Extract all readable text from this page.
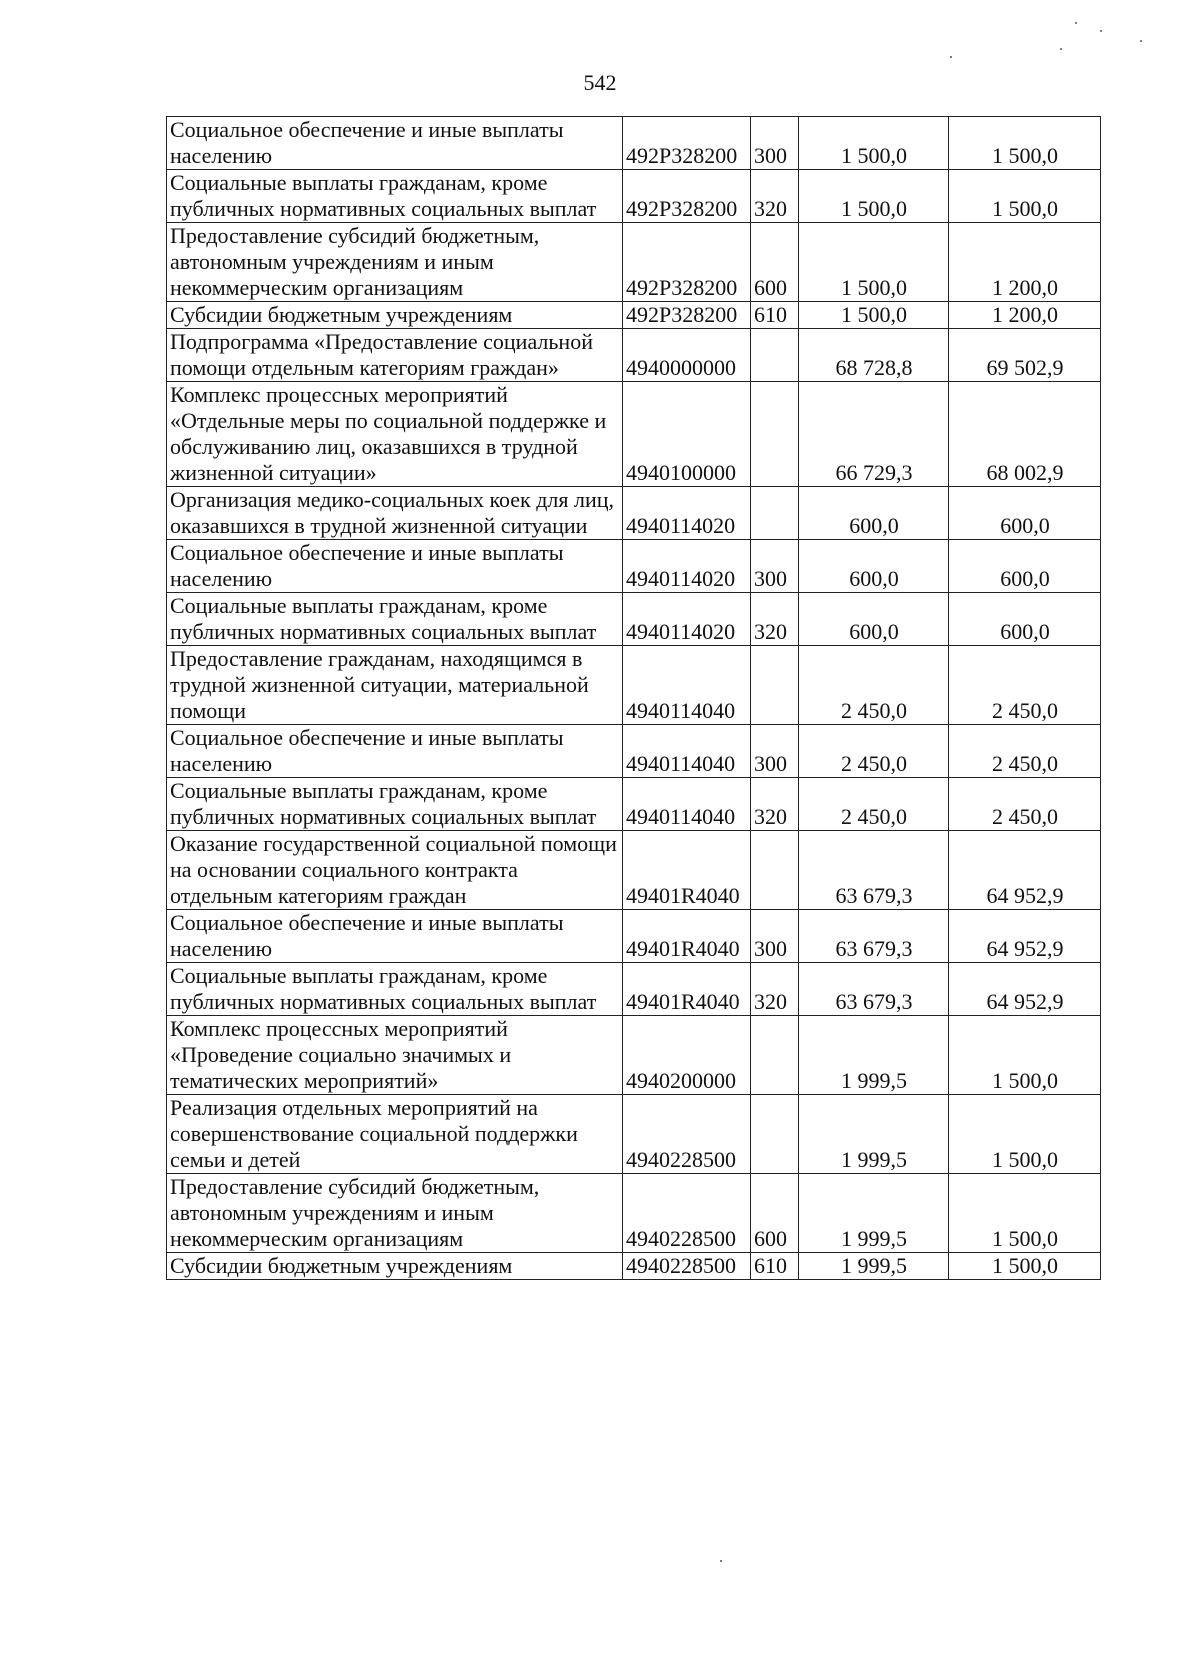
542
Социальное обеспечение и иные выплаты населению	492P328200	300	1 500,0	1 500,0
Социальные выплаты гражданам, кроме публичных нормативных социальных выплат	492P328200	320	1 500,0	1 500,0
Предоставление субсидий бюджетным, автономным учреждениям и иным некоммерческим организациям	492P328200	600	1 500,0	1 200,0
Субсидии бюджетным учреждениям	492P328200	610	1 500,0	1 200,0
Подпрограмма «Предоставление социальной помощи отдельным категориям граждан»	4940000000		68 728,8	69 502,9
Комплекс процессных мероприятий «Отдельные меры по социальной поддержке и обслуживанию лиц, оказавшихся в трудной жизненной ситуации»	4940100000		66 729,3	68 002,9
Организация медико-социальных коек для лиц, оказавшихся в трудной жизненной ситуации	4940114020		600,0	600,0
Социальное обеспечение и иные выплаты населению	4940114020	300	600,0	600,0
Социальные выплаты гражданам, кроме публичных нормативных социальных выплат	4940114020	320	600,0	600,0
Предоставление гражданам, находящимся в трудной жизненной ситуации, материальной помощи	4940114040		2 450,0	2 450,0
Социальное обеспечение и иные выплаты населению	4940114040	300	2 450,0	2 450,0
Социальные выплаты гражданам, кроме публичных нормативных социальных выплат	4940114040	320	2 450,0	2 450,0
Оказание государственной социальной помощи на основании социального контракта отдельным категориям граждан	49401R4040		63 679,3	64 952,9
Социальное обеспечение и иные выплаты населению	49401R4040	300	63 679,3	64 952,9
Социальные выплаты гражданам, кроме публичных нормативных социальных выплат	49401R4040	320	63 679,3	64 952,9
Комплекс процессных мероприятий «Проведение социально значимых и тематических мероприятий»	4940200000		1 999,5	1 500,0
Реализация отдельных мероприятий на совершенствование социальной поддержки семьи и детей	4940228500		1 999,5	1 500,0
Предоставление субсидий бюджетным, автономным учреждениям и иным некоммерческим организациям	4940228500	600	1 999,5	1 500,0
Субсидии бюджетным учреждениям	4940228500	610	1 999,5	1 500,0
